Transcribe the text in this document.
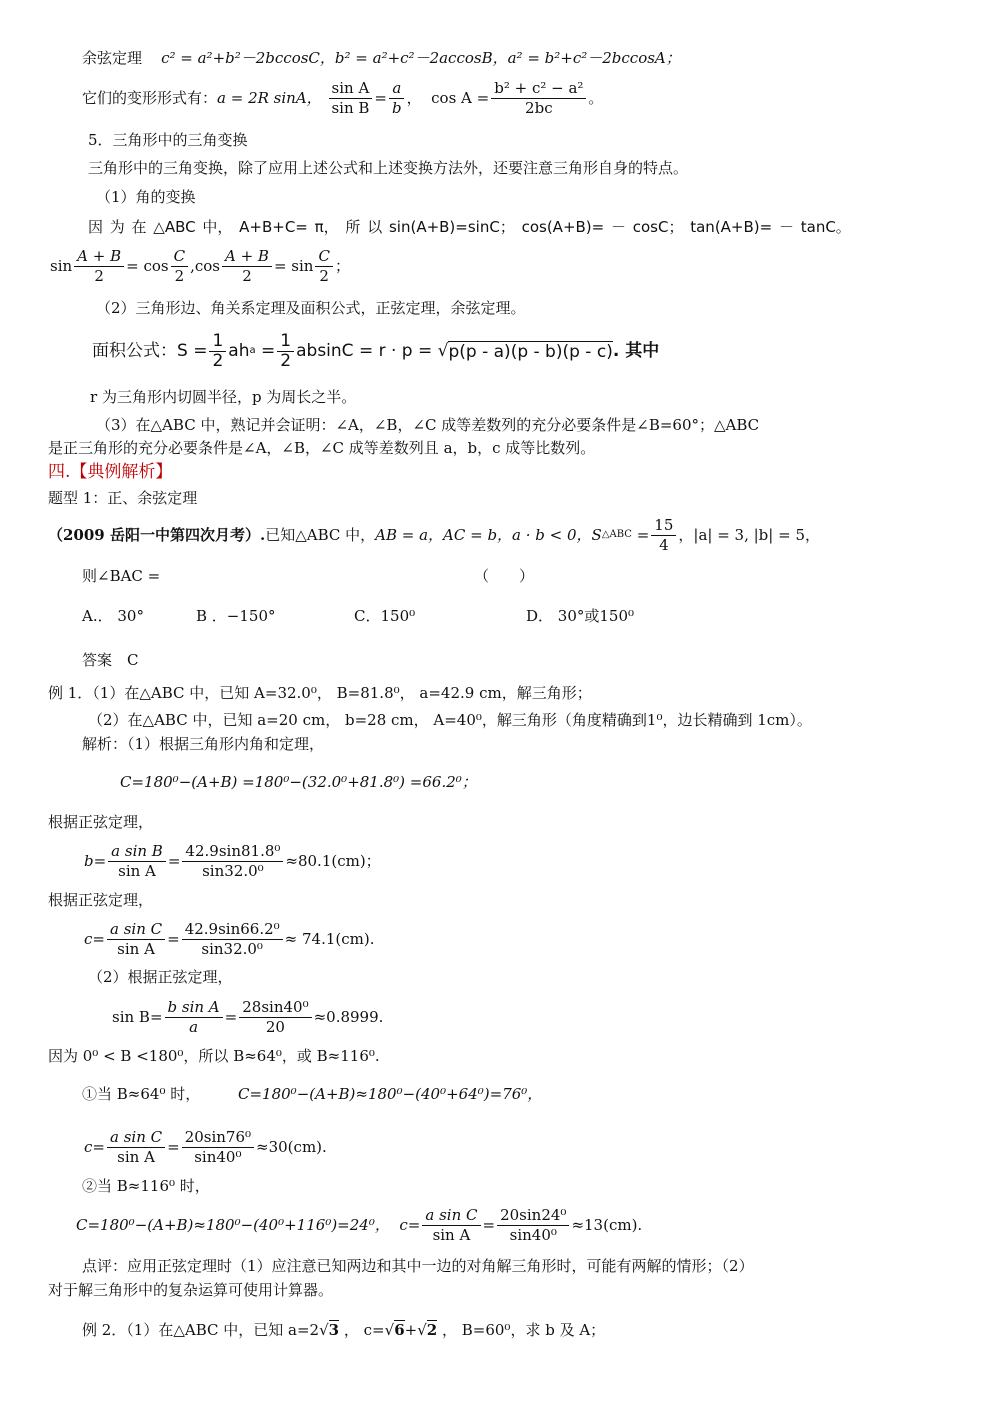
余弦定理 c² = a²+b²－2bccosC，b² = a²+c²－2accosB，a² = b²+c²－2bccosA；
它们的变形形式有： a = 2R sinA，

sin A
sin B
=
a
b
， $\cos A = \frac{\text{b² + c² − a²}}{2bc}$ 。
5．三角形中的三角变换
三角形中的三角变换，除了应用上述公式和上述变换方法外，还要注意三角形自身的特点。
（1）角的变换
因 为 在 △ABC 中， A+B+C= π， 所 以 sin(A+B)=sinC； cos(A+B)= － cosC； tan(A+B)= － tanC。
$\sin \frac{A + B}{2} = \cos$
C
2
$,\cos \frac{A + B}{2} = \sin$
C
2
；
（2）三角形边、角关系定理及面积公式，正弦定理，余弦定理。
面积公式： $S = \frac{1}{2}$ ah a
= $\frac{1}{2}$ absinC = r · p = √ p(p - a)(p - b)(p - c) . 其中
r 为三角形内切圆半径，p 为周长之半。
（3）在△ABC 中，熟记并会证明：∠A，∠B，∠C 成等差数列的充分必要条件是∠B=60°；△ABC
是正三角形的充分必要条件是∠A，∠B，∠C 成等差数列且 a，b，c 成等比数列。
四.【典例解析】
题型 1：正、余弦定理
（2009 岳阳一中第四次月考）. 已知△ABC 中， AB = a，AC = b，a · b < 0，S △ABC
= $\frac{15}{4}$ ，|a| = 3, |b| = 5，
则∠BAC =	（　　）
A.． 30°	B ．−150°	C．150⁰	D． 30°或150⁰
答案　C
例 1．（1）在△ABC 中，已知 A=32.0⁰， B=81.8⁰， a=42.9 cm，解三角形；
（2）在△ABC 中，已知 a=20 cm， b=28 cm， A=40⁰，解三角形（角度精确到1⁰，边长精确到 1cm）。
解析：（1）根据三角形内角和定理，
C=180⁰−(A+B) =180⁰−(32.0⁰+81.8⁰) =66.2⁰；
根据正弦定理，
$b= \frac{\text{a sin B}}{\text{sin A}} = \frac{\text{42.9sin81.8⁰}}{\text{sin32.0⁰}} \approx 80.1(cm)$；
根据正弦定理，
$c= \frac{\text{a sin C}}{\text{sin A}} = \frac{\text{42.9sin66.2⁰}}{\text{sin32.0⁰}} \approx 74.1(cm)$.
（2）根据正弦定理，
$\sin B= \frac{\text{b sin A}}{a} = \frac{\text{28sin40⁰}}{20} \approx 0.8999$.
因为 0⁰ < B <180⁰，所以 B≈64⁰，或 B≈116⁰.
①当 B≈64⁰ 时，	C=180⁰−(A+B)≈180⁰−(40⁰+64⁰)=76⁰，
$c= \frac{\text{a sin C}}{\text{sin A}} = \frac{\text{20sin76⁰}}{\text{sin40⁰}} \approx 30(cm)$.
②当 B≈116⁰ 时，
C=180⁰−(A+B)≈180⁰−(40⁰+116⁰)=24⁰，
$c= \frac{\text{a sin C}}{\text{sin A}} = \frac{\text{20sin24⁰}}{\text{sin40⁰}} \approx 13(cm)$.
点评：应用正弦定理时（1）应注意已知两边和其中一边的对角解三角形时，可能有两解的情形；（2）
对于解三角形中的复杂运算可使用计算器。
例 2．（1）在△ABC 中，已知 a=2√3 ， c=√6+√2 ， B=60⁰，求 b 及 A；
